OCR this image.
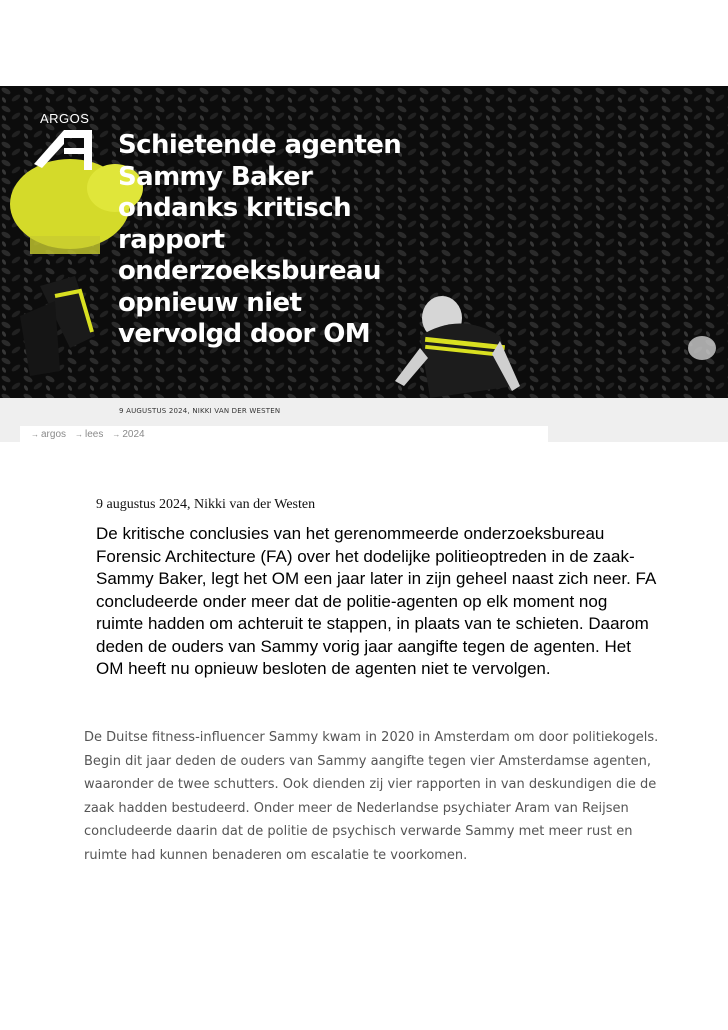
ARGOS
Schietende agenten Sammy Baker ondanks kritisch rapport onderzoeksbureau opnieuw niet vervolgd door OM
9 AUGUSTUS 2024, NIKKI VAN DER WESTEN
→ argos	→ lees	→ 2024
9 augustus 2024, Nikki van der Westen

De kritische conclusies van het gerenommeerde onderzoeksbureau Forensic Architecture (FA) over het dodelijke politieoptreden in de zaak-Sammy Baker, legt het OM een jaar later in zijn geheel naast zich neer. FA concludeerde onder meer dat de politie-agenten op elk moment nog ruimte hadden om achteruit te stappen, in plaats van te schieten. Daarom deden de ouders van Sammy vorig jaar aangifte tegen de agenten. Het OM heeft nu opnieuw besloten de agenten niet te vervolgen.

De Duitse fitness-influencer Sammy kwam in 2020 in Amsterdam om door politiekogels. Begin dit jaar deden de ouders van Sammy aangifte tegen vier Amsterdamse agenten, waaronder de twee schutters. Ook dienden zij vier rapporten in van deskundigen die de zaak hadden bestudeerd. Onder meer de Nederlandse psychiater Aram van Reijsen concludeerde daarin dat de politie de psychisch verwarde Sammy met meer rust en ruimte had kunnen benaderen om escalatie te voorkomen.
